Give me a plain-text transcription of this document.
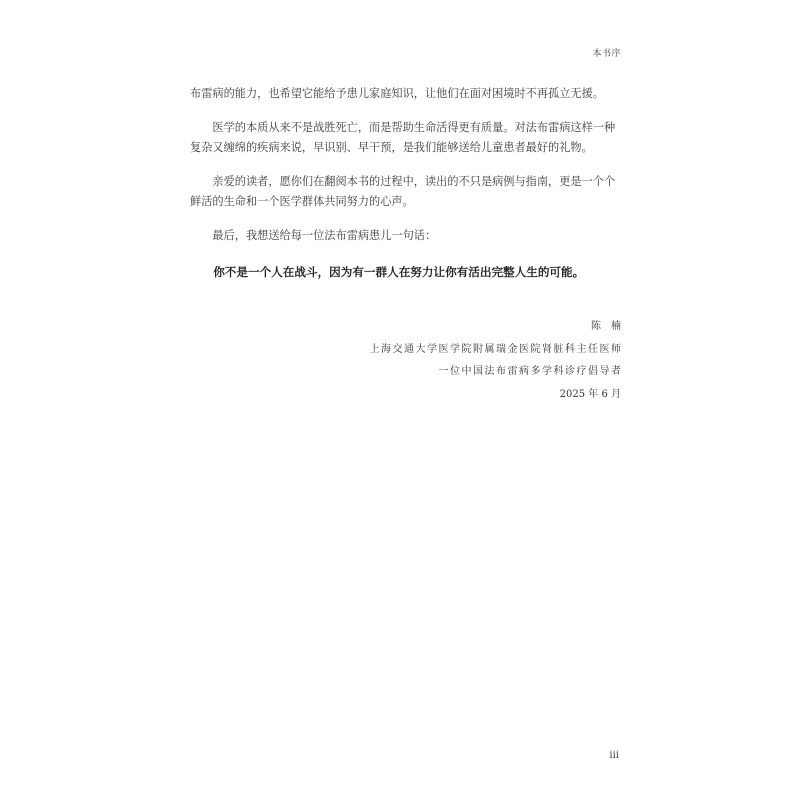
本书序

布雷病的能力，也希望它能给予患儿家庭知识，让他们在面对困境时不再孤立无援。

医学的本质从来不是战胜死亡，而是帮助生命活得更有质量。对法布雷病这样一种复杂又缠绵的疾病来说，早识别、早干预，是我们能够送给儿童患者最好的礼物。

亲爱的读者，愿你们在翻阅本书的过程中，读出的不只是病例与指南，更是一个个鲜活的生命和一个医学群体共同努力的心声。

最后，我想送给每一位法布雷病患儿一句话：

你不是一个人在战斗，因为有一群人在努力让你有活出完整人生的可能。

陈楠
上海交通大学医学院附属瑞金医院肾脏科主任医师
一位中国法布雷病多学科诊疗倡导者
2025 年 6 月
iii
